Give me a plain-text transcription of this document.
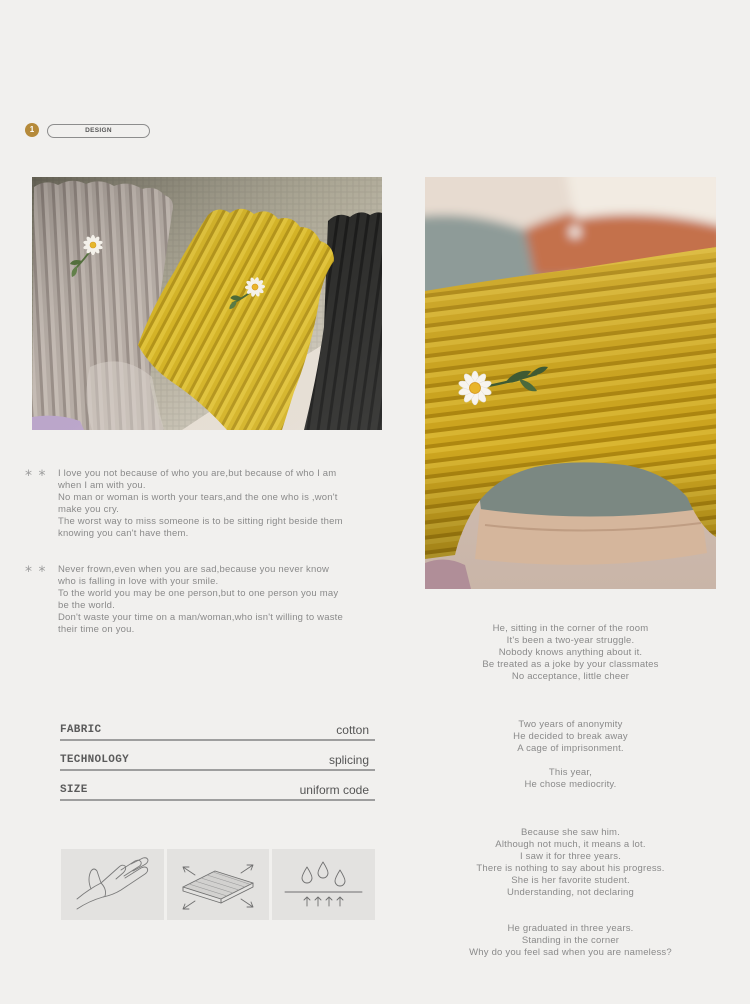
1	DESIGN
* * I love you not because of who you are,but because of who I am
when I am with you.
No man or woman is worth your tears,and the one who is ,won't
make you cry.
The worst way to miss someone is to be sitting right beside them
knowing you can't have them.
* * Never frown,even when you are sad,because you never know
who is falling in love with your smile.
To the world you may be one person,but to one person you may
be the world.
Don't waste your time on a man/woman,who isn't willing to waste
their time on you.
FABRIC	cotton
TECHNOLOGY	splicing
SIZE	uniform code
He, sitting in the corner of the room
It's been a two-year struggle.
Nobody knows anything about it.
Be treated as a joke by your classmates
No acceptance, little cheer
Two years of anonymity
He decided to break away
A cage of imprisonment.
This year,
He chose mediocrity.
Because she saw him.
Although not much, it means a lot.
I saw it for three years.
There is nothing to say about his progress.
She is her favorite student.
Understanding, not declaring
He graduated in three years.
Standing in the corner
Why do you feel sad when you are nameless?
